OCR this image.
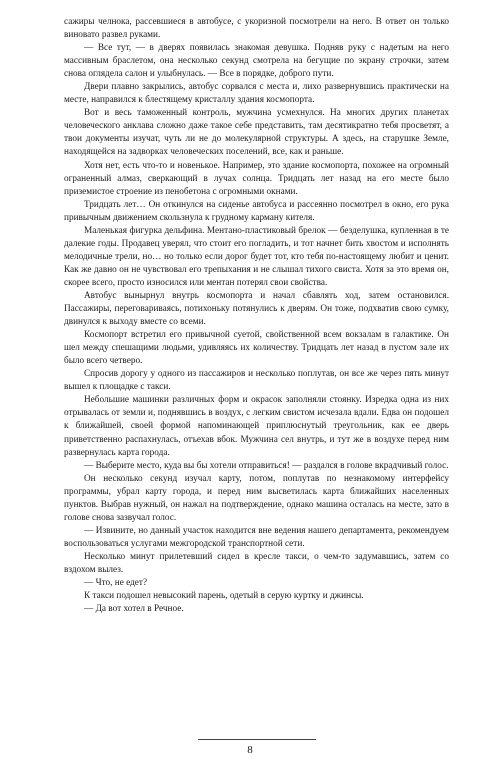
сажиры челнока, рассевшиеся в автобусе, с укоризной посмотрели на него. В ответ он только виновато развел руками.

— Все тут, — в дверях появилась знакомая девушка. Подняв руку с надетым на него массивным браслетом, она несколько секунд смотрела на бегущие по экрану строчки, затем снова оглядела салон и улыбнулась. — Все в порядке, доброго пути.

Двери плавно закрылись, автобус сорвался с места и, лихо развернувшись практически на месте, направился к блестящему кристаллу здания космопорта.

Вот и весь таможенный контроль, мужчина усмехнулся. На многих других планетах человеческого анклава сложно даже такое себе представить, там десятикратно тебя просветят, а твои документы изучат, чуть ли не до молекулярной структуры. А здесь, на старушке Земле, находящейся на задворках человеческих поселений, все, как и раньше.

Хотя нет, есть что-то и новенькое. Например, это здание космопорта, похожее на огромный ограненный алмаз, сверкающий в лучах солнца. Тридцать лет назад на его месте было приземистое строение из пенобетона с огромными окнами.

Тридцать лет… Он откинулся на сиденье автобуса и рассеянно посмотрел в окно, его рука привычным движением скользнула к грудному карману кителя.

Маленькая фигурка дельфина. Ментано-пластиковый брелок — безделушка, купленная в те далекие годы. Продавец уверял, что стоит его погладить, и тот начнет бить хвостом и исполнять мелодичные трели, но… но только если дорог будет тот, кто тебя по-настоящему любит и ценит. Как же давно он не чувствовал его трепыхания и не слышал тихого свиста. Хотя за это время он, скорее всего, просто износился или ментан потерял свои свойства.

Автобус вынырнул внутрь космопорта и начал сбавлять ход, затем остановился. Пассажиры, переговариваясь, потихоньку потянулись к дверям. Он тоже, подхватив свою сумку, двинулся к выходу вместе со всеми.

Космопорт встретил его привычной суетой, свойственной всем вокзалам в галактике. Он шел между спешащими людьми, удивляясь их количеству. Тридцать лет назад в пустом зале их было всего четверо.

Спросив дорогу у одного из пассажиров и несколько поплутав, он все же через пять минут вышел к площадке с такси.

Небольшие машинки различных форм и окрасок заполняли стоянку. Изредка одна из них отрывалась от земли и, поднявшись в воздух, с легким свистом исчезала вдали. Едва он подошел к ближайшей, своей формой напоминающей приплюснутый треугольник, как ее дверь приветственно распахнулась, отъехав вбок. Мужчина сел внутрь, и тут же в воздухе перед ним развернулась карта города.

— Выберите место, куда вы бы хотели отправиться! — раздался в голове вкрадчивый голос.

Он несколько секунд изучал карту, потом, поплутав по незнакомому интерфейсу программы, убрал карту города, и перед ним высветилась карта ближайших населенных пунктов. Выбрав нужный, он нажал на подтверждение, однако машина осталась на месте, зато в голове снова зазвучал голос.

— Извините, но данный участок находится вне ведения нашего департамента, рекомендуем воспользоваться услугами межгородской транспортной сети.

Несколько минут прилетевший сидел в кресле такси, о чем-то задумавшись, затем со вздохом вылез.

— Что, не едет?

К такси подошел невысокий парень, одетый в серую куртку и джинсы.

— Да вот хотел в Речное.

8
